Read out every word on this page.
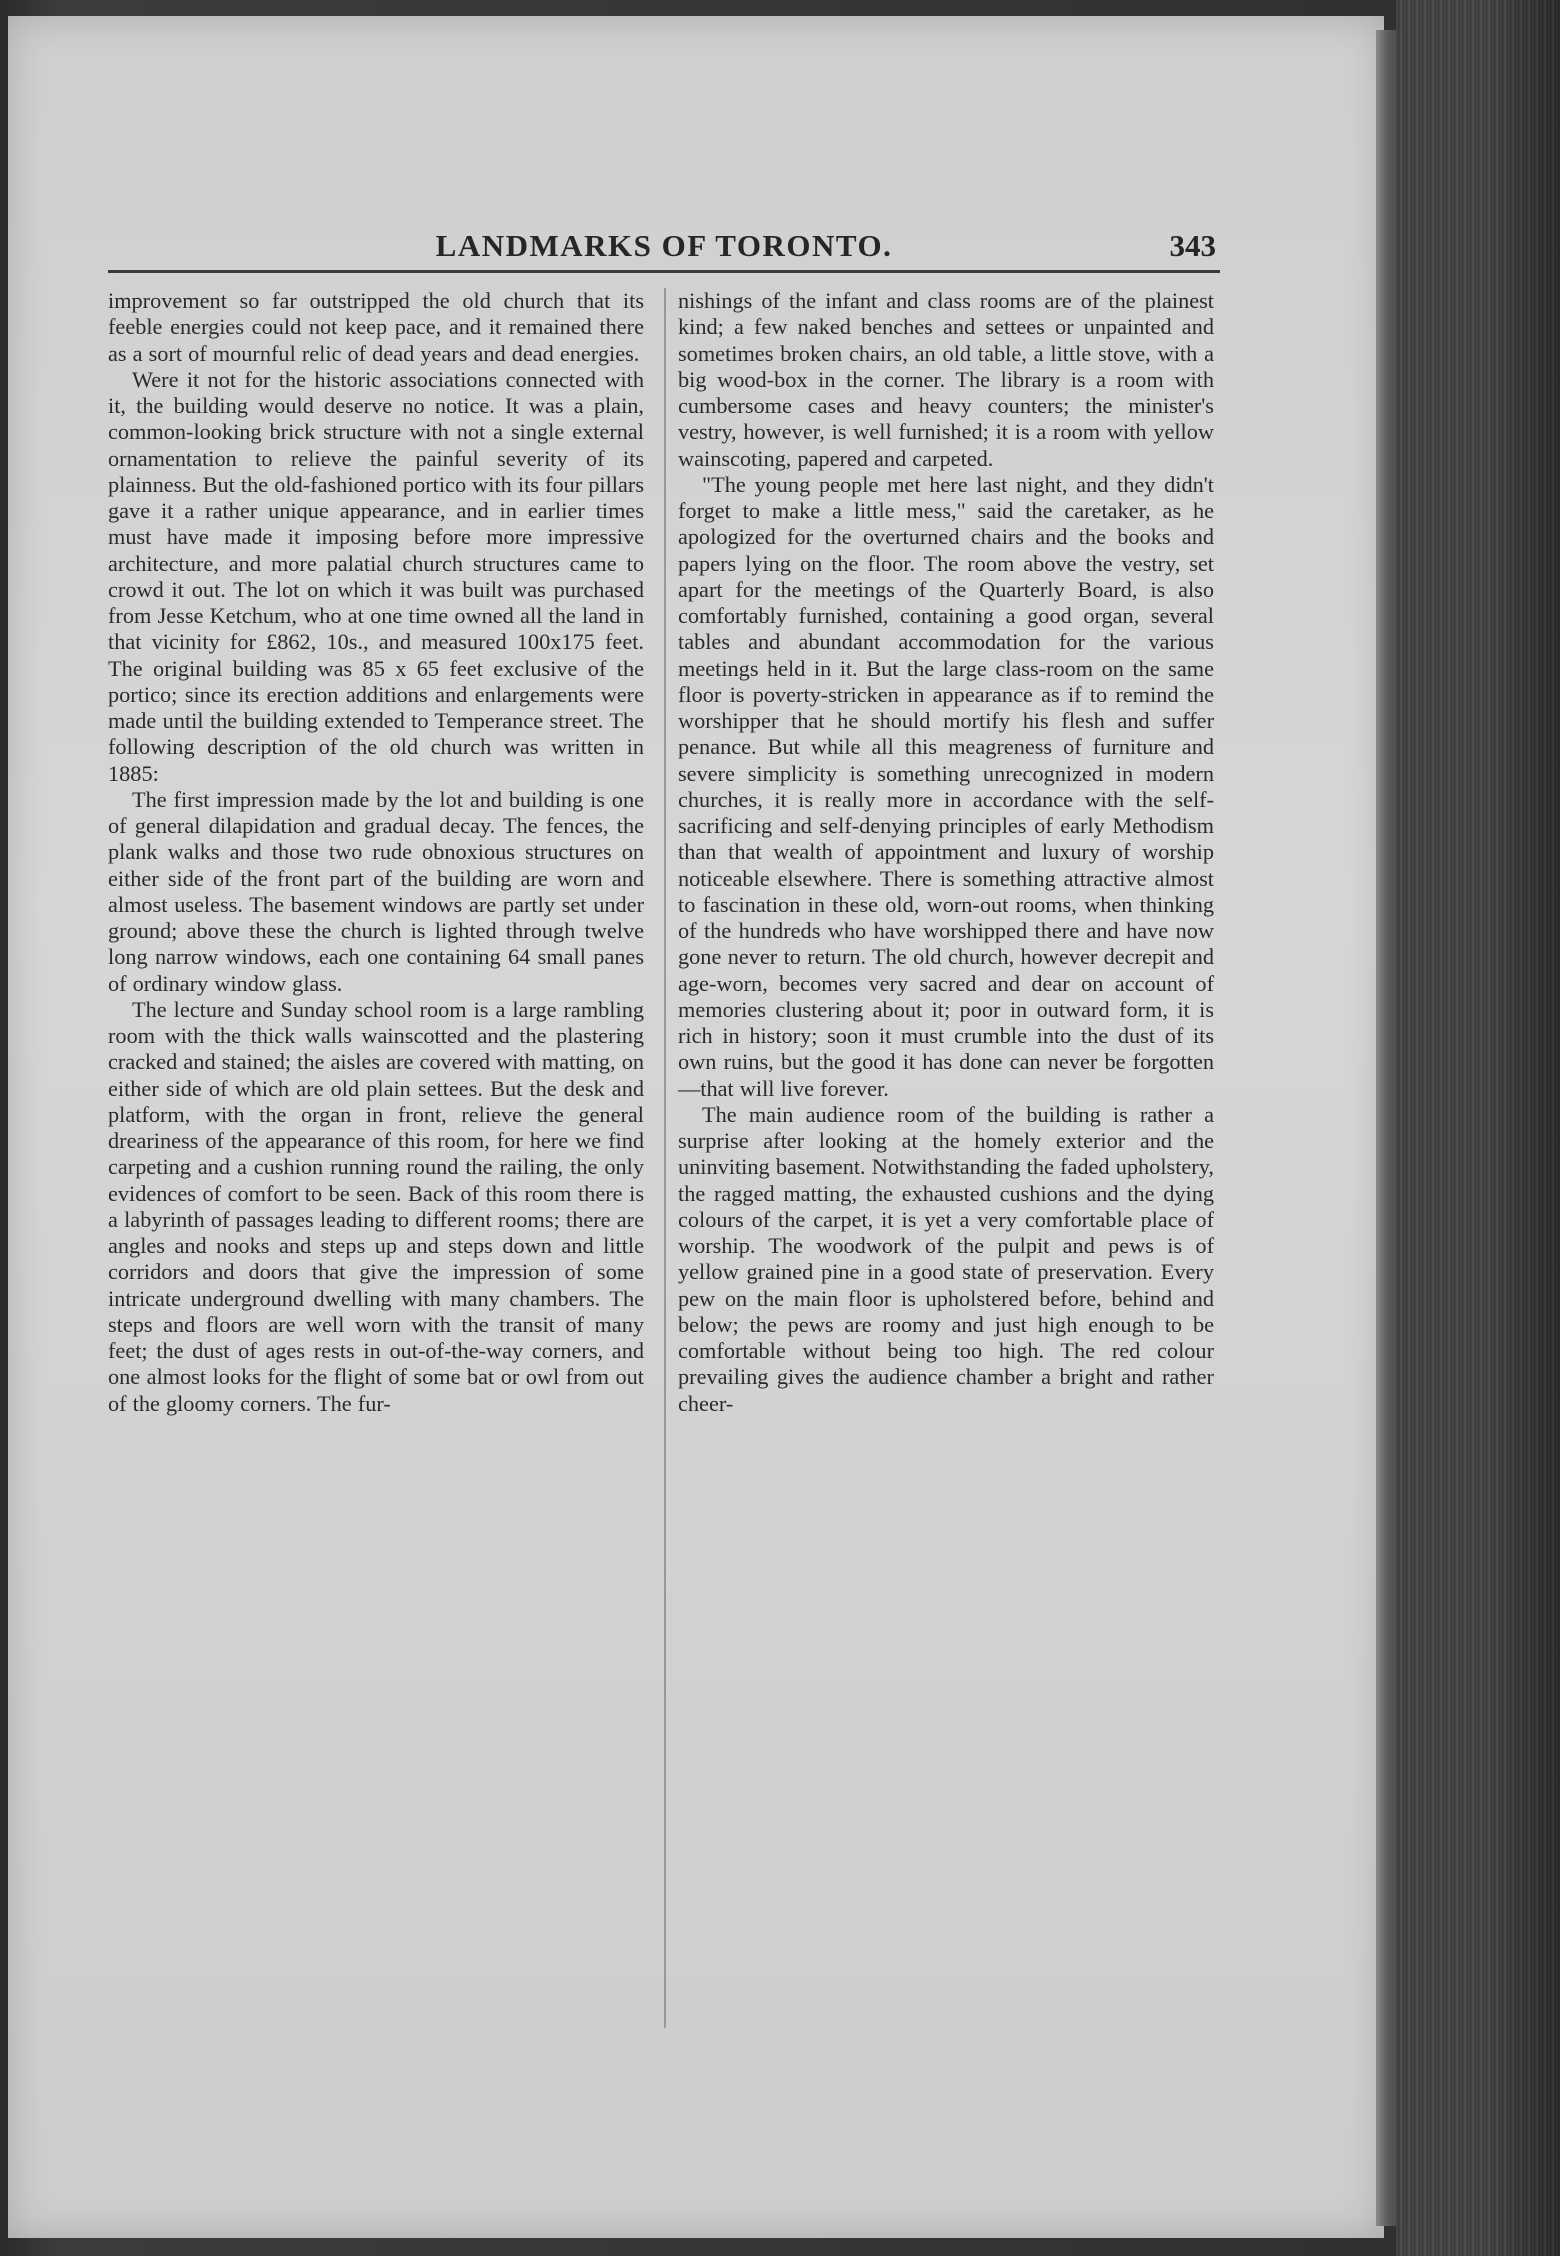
LANDMARKS OF TORONTO.	343

improvement so far outstripped the old church that its feeble energies could not keep pace, and it remained there as a sort of mournful relic of dead years and dead energies.

Were it not for the historic associations connected with it, the building would deserve no notice. It was a plain, common-looking brick structure with not a single external ornamentation to relieve the painful severity of its plainness. But the old-fashioned portico with its four pillars gave it a rather unique appearance, and in earlier times must have made it imposing before more impressive architecture, and more palatial church structures came to crowd it out. The lot on which it was built was purchased from Jesse Ketchum, who at one time owned all the land in that vicinity for £862, 10s., and measured 100x175 feet. The original building was 85 x 65 feet exclusive of the portico; since its erection additions and enlargements were made until the building extended to Temperance street. The following description of the old church was written in 1885:

The first impression made by the lot and building is one of general dilapidation and gradual decay. The fences, the plank walks and those two rude obnoxious structures on either side of the front part of the building are worn and almost useless. The basement windows are partly set under ground; above these the church is lighted through twelve long narrow windows, each one containing 64 small panes of ordinary window glass.

The lecture and Sunday school room is a large rambling room with the thick walls wainscotted and the plastering cracked and stained; the aisles are covered with matting, on either side of which are old plain settees. But the desk and platform, with the organ in front, relieve the general dreariness of the appearance of this room, for here we find carpeting and a cushion running round the railing, the only evidences of comfort to be seen. Back of this room there is a labyrinth of passages leading to different rooms; there are angles and nooks and steps up and steps down and little corridors and doors that give the impression of some intricate underground dwelling with many chambers. The steps and floors are well worn with the transit of many feet; the dust of ages rests in out-of-the-way corners, and one almost looks for the flight of some bat or owl from out of the gloomy corners. The fur-

nishings of the infant and class rooms are of the plainest kind; a few naked benches and settees or unpainted and sometimes broken chairs, an old table, a little stove, with a big wood-box in the corner. The library is a room with cumbersome cases and heavy counters; the minister's vestry, however, is well furnished; it is a room with yellow wainscoting, papered and carpeted.

"The young people met here last night, and they didn't forget to make a little mess," said the caretaker, as he apologized for the overturned chairs and the books and papers lying on the floor. The room above the vestry, set apart for the meetings of the Quarterly Board, is also comfortably furnished, containing a good organ, several tables and abundant accommodation for the various meetings held in it. But the large class-room on the same floor is poverty-stricken in appearance as if to remind the worshipper that he should mortify his flesh and suffer penance. But while all this meagreness of furniture and severe simplicity is something unrecognized in modern churches, it is really more in accordance with the self-sacrificing and self-denying principles of early Methodism than that wealth of appointment and luxury of worship noticeable elsewhere. There is something attractive almost to fascination in these old, worn-out rooms, when thinking of the hundreds who have worshipped there and have now gone never to return. The old church, however decrepit and age-worn, becomes very sacred and dear on account of memories clustering about it; poor in outward form, it is rich in history; soon it must crumble into the dust of its own ruins, but the good it has done can never be forgotten—that will live forever.

The main audience room of the building is rather a surprise after looking at the homely exterior and the uninviting basement. Notwithstanding the faded upholstery, the ragged matting, the exhausted cushions and the dying colours of the carpet, it is yet a very comfortable place of worship. The woodwork of the pulpit and pews is of yellow grained pine in a good state of preservation. Every pew on the main floor is upholstered before, behind and below; the pews are roomy and just high enough to be comfortable without being too high. The red colour prevailing gives the audience chamber a bright and rather cheer-
